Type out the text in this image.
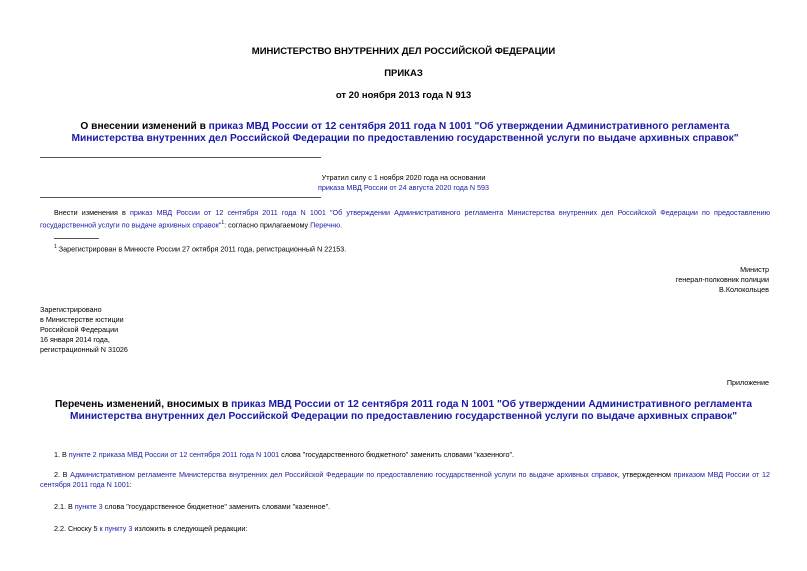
МИНИСТЕРСТВО ВНУТРЕННИХ ДЕЛ РОССИЙСКОЙ ФЕДЕРАЦИИ
ПРИКАЗ
от 20 ноября 2013 года N 913
О внесении изменений в приказ МВД России от 12 сентября 2011 года N 1001 "Об утверждении Административного регламента Министерства внутренних дел Российской Федерации по предоставлению государственной услуги по выдаче архивных справок"
Утратил силу с 1 ноября 2020 года на основании
приказа МВД России от 24 августа 2020 года N 593
Внести изменения в приказ МВД России от 12 сентября 2011 года N 1001 "Об утверждении Административного регламента Министерства внутренних дел Российской Федерации по предоставлению государственной услуги по выдаче архивных справок"$^1$: согласно прилагаемому Перечню.
$^1$ Зарегистрирован в Минюсте России 27 октября 2011 года, регистрационный N 22153.
Министр
генерал-полковник полиции
В.Колокольцев
Зарегистрировано
в Министерстве юстиции
Российской Федерации
16 января 2014 года,
регистрационный N 31026
Приложение
Перечень изменений, вносимых в приказ МВД России от 12 сентября 2011 года N 1001 "Об утверждении Административного регламента Министерства внутренних дел Российской Федерации по предоставлению государственной услуги по выдаче архивных справок"
1. В пункте 2 приказа МВД России от 12 сентября 2011 года N 1001 слова "государственного бюджетного" заменить словами "казенного".
2. В Административном регламенте Министерства внутренних дел Российской Федерации по предоставлению государственной услуги по выдаче архивных справок, утвержденном приказом МВД России от 12 сентября 2011 года N 1001:
2.1. В пункте 3 слова "государственное бюджетное" заменить словами "казенное".
2.2. Сноску 5 к пункту 3 изложить в следующей редакции:
